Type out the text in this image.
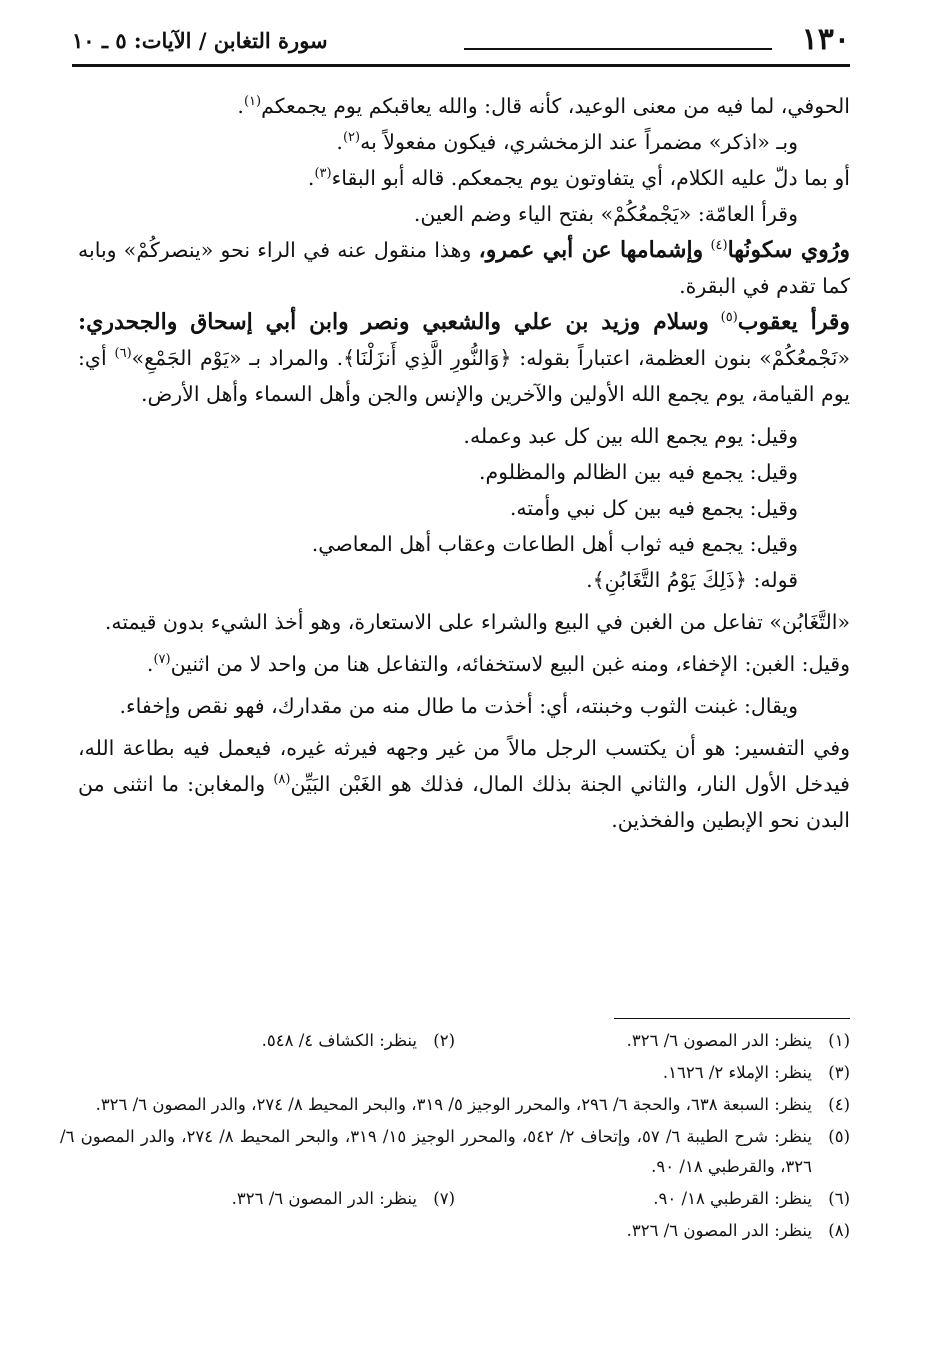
١٣٠
سورة التغابن / الآيات: ٥ ـ ١٠

الحوفي، لما فيه من معنى الوعيد، كأنه قال: والله يعاقبكم يوم يجمعكم$^{(١)}$.

وبـ «اذكر» مضمراً عند الزمخشري، فيكون مفعولاً به$^{(٢)}$.

أو بما دلّ عليه الكلام، أي يتفاوتون يوم يجمعكم. قاله أبو البقاء$^{(٣)}$.

وقرأ العامّة: «يَجْمعُكُمْ» بفتح الياء وضم العين.

ورُوي سكونُها$^{(٤)}$ وإشمامها عن أبي عمرو، وهذا منقول عنه في الراء نحو «ينصركُمْ» وبابه كما تقدم في البقرة.

وقرأ يعقوب$^{(٥)}$ وسلام وزيد بن علي والشعبي ونصر وابن أبي إسحاق والجحدري: «نَجْمعُكُمْ» بنون العظمة، اعتباراً بقوله: ﴿وَالنُّورِ الَّذِي أَنزَلْنَا﴾. والمراد بـ «يَوْم الجَمْعِ»$^{(٦)}$ أي: يوم القيامة، يوم يجمع الله الأولين والآخرين والإنس والجن وأهل السماء وأهل الأرض.

وقيل: يوم يجمع الله بين كل عبد وعمله.

وقيل: يجمع فيه بين الظالم والمظلوم.

وقيل: يجمع فيه بين كل نبي وأمته.

وقيل: يجمع فيه ثواب أهل الطاعات وعقاب أهل المعاصي.

قوله: ﴿ذَلِكَ يَوْمُ التَّغَابُنِ﴾.

«التَّغَابُن» تفاعل من الغبن في البيع والشراء على الاستعارة، وهو أخذ الشيء بدون قيمته.

وقيل: الغبن: الإخفاء، ومنه غبن البيع لاستخفائه، والتفاعل هنا من واحد لا من اثنين$^{(٧)}$.

ويقال: غبنت الثوب وخبنته، أي: أخذت ما طال منه من مقدارك، فهو نقص وإخفاء.

وفي التفسير: هو أن يكتسب الرجل مالاً من غير وجهه فيرثه غيره، فيعمل فيه بطاعة الله، فيدخل الأول النار، والثاني الجنة بذلك المال، فذلك هو الغَبْن البَيِّن$^{(٨)}$ والمغابن: ما انثنى من البدن نحو الإبطين والفخذين.

(١)
ينظر: الدر المصون ٦/ ٣٢٦.
(٢)
ينظر: الكشاف ٤/ ٥٤٨.
(٣)
ينظر: الإملاء ٢/ ١٦٢٦.
(٤)
ينظر: السبعة ٦٣٨، والحجة ٦/ ٢٩٦، والمحرر الوجيز ٥/ ٣١٩، والبحر المحيط ٨/ ٢٧٤، والدر المصون ٦/ ٣٢٦.
(٥)
ينظر: شرح الطيبة ٦/ ٥٧، وإتحاف ٢/ ٥٤٢، والمحرر الوجيز ١٥/ ٣١٩، والبحر المحيط ٨/ ٢٧٤، والدر المصون ٦/ ٣٢٦، والقرطبي ١٨/ ٩٠.
(٦)
ينظر: القرطبي ١٨/ ٩٠.
(٧)
ينظر: الدر المصون ٦/ ٣٢٦.
(٨)
ينظر: الدر المصون ٦/ ٣٢٦.
